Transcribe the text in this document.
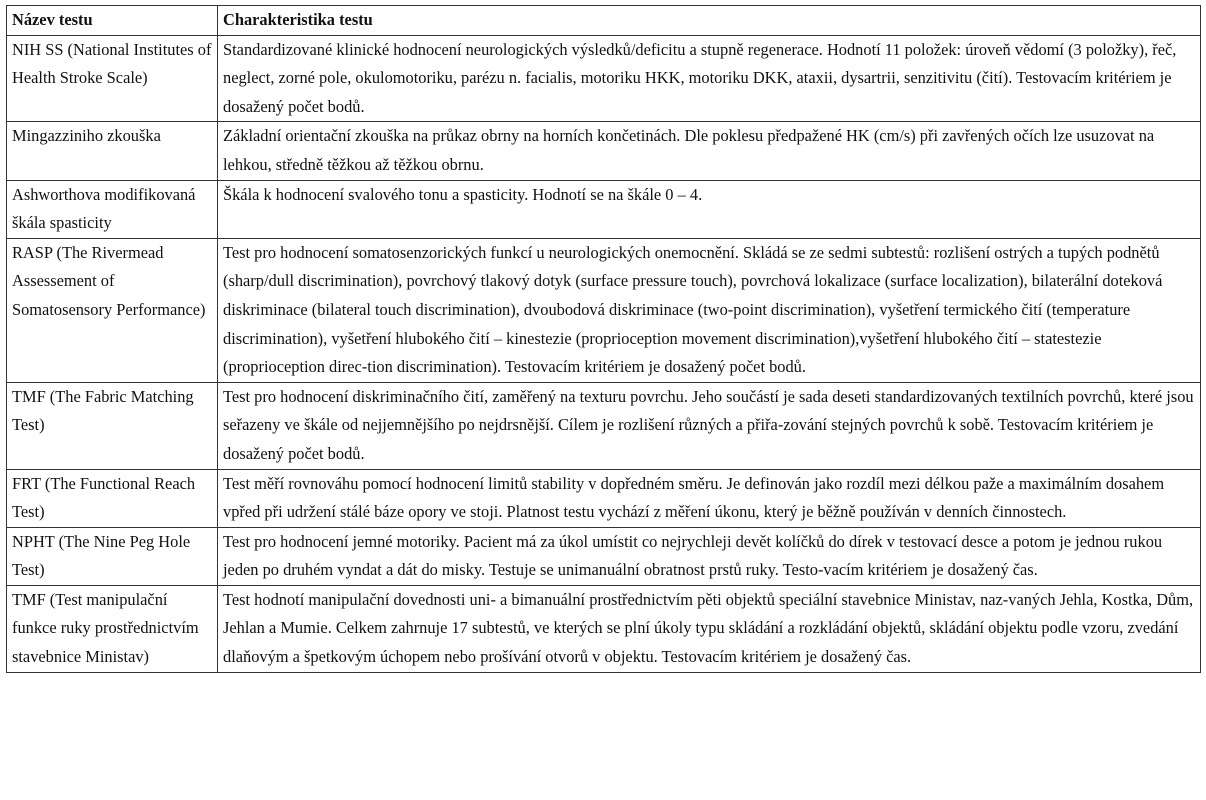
Název testu	Charakteristika testu
NIH SS (National Institutes of Health Stroke Scale)	Standardizované klinické hodnocení neurologických výsledků/deficitu a stupně regenerace. Hodnotí 11 položek: úroveň vědomí (3 položky), řeč, neglect, zorné pole, okulomotoriku, parézu n. facialis, motoriku HKK, motoriku DKK, ataxii, dysartrii, senzitivitu (čití). Testovacím kritériem je dosažený počet bodů.
Mingazziniho zkouška	Základní orientační zkouška na průkaz obrny na horních končetinách. Dle poklesu předpažené HK (cm/s) při zavřených očích lze usuzovat na lehkou, středně těžkou až těžkou obrnu.
Ashworthova modifikovaná škála spasticity	Škála k hodnocení svalového tonu a spasticity. Hodnotí se na škále 0 – 4.
RASP (The Rivermead Assessement of Somatosensory Performance)	Test pro hodnocení somatosenzorických funkcí u neurologických onemocnění. Skládá se ze sedmi subtestů: rozlišení ostrých a tupých podnětů (sharp/dull discrimination), povrchový tlakový dotyk (surface pressure touch), povrchová lokalizace (surface localization), bilaterální doteková diskriminace (bilateral touch discrimination), dvoubodová diskriminace (two-point discrimination), vyšetření termického čití (temperature discrimination), vyšetření hlubokého čití – kinestezie (proprioception movement discrimination),vyšetření hlubokého čití – statestezie (proprioception direc-tion discrimination). Testovacím kritériem je dosažený počet bodů.
TMF (The Fabric Matching Test)	Test pro hodnocení diskriminačního čití, zaměřený na texturu povrchu. Jeho součástí je sada deseti standardizovaných textilních povrchů, které jsou seřazeny ve škále od nejjemnějšího po nejdrsnější. Cílem je rozlišení různých a přiřa-zování stejných povrchů k sobě. Testovacím kritériem je dosažený počet bodů.
FRT (The Functional Reach Test)	Test měří rovnováhu pomocí hodnocení limitů stability v dopředném směru. Je definován jako rozdíl mezi délkou paže a maximálním dosahem vpřed při udržení stálé báze opory ve stoji. Platnost testu vychází z měření úkonu, který je běžně používán v denních činnostech.
NPHT (The Nine Peg Hole Test)	Test pro hodnocení jemné motoriky. Pacient má za úkol umístit co nejrychleji devět kolíčků do dírek v testovací desce a potom je jednou rukou jeden po druhém vyndat a dát do misky. Testuje se unimanuální obratnost prstů ruky. Testo-vacím kritériem je dosažený čas.
TMF (Test manipulační funkce ruky prostřednictvím stavebnice Ministav)	Test hodnotí manipulační dovednosti uni- a bimanuální prostřednictvím pěti objektů speciální stavebnice Ministav, naz-vaných Jehla, Kostka, Dům, Jehlan a Mumie. Celkem zahrnuje 17 subtestů, ve kterých se plní úkoly typu skládání a rozkládání objektů, skládání objektu podle vzoru, zvedání dlaňovým a špetkovým úchopem nebo prošívání otvorů v objektu. Testovacím kritériem je dosažený čas.
